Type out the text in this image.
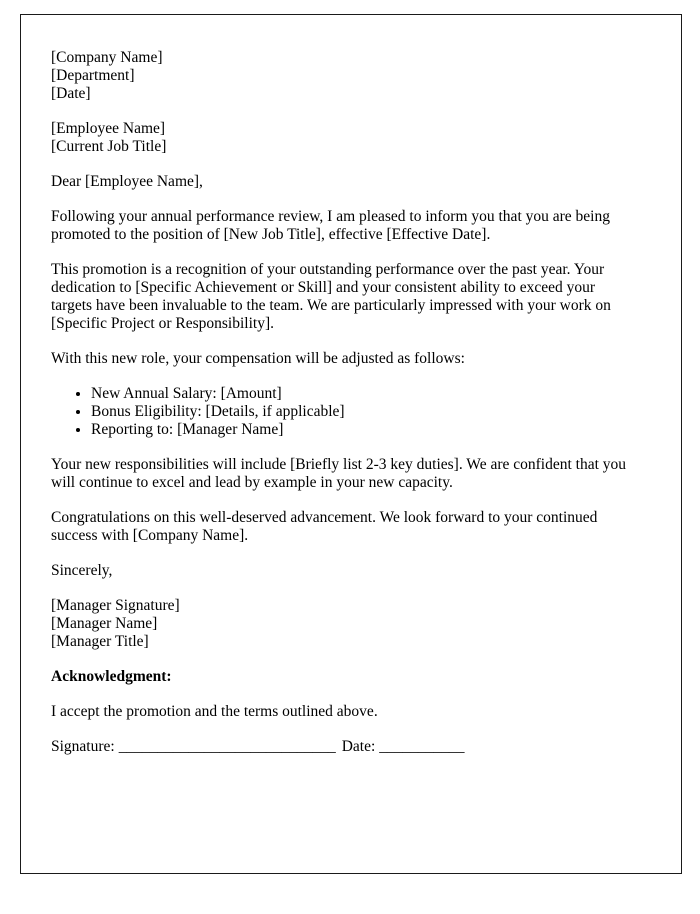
[Company Name]
[Department]
[Date]
[Employee Name]
[Current Job Title]

Dear [Employee Name],

Following your annual performance review, I am pleased to inform you that you are being promoted to the position of [New Job Title], effective [Effective Date].

This promotion is a recognition of your outstanding performance over the past year. Your dedication to [Specific Achievement or Skill] and your consistent ability to exceed your targets have been invaluable to the team. We are particularly impressed with your work on [Specific Project or Responsibility].

With this new role, your compensation will be adjusted as follows:

• New Annual Salary: [Amount]
• Bonus Eligibility: [Details, if applicable]
• Reporting to: [Manager Name]

Your new responsibilities will include [Briefly list 2-3 key duties]. We are confident that you will continue to excel and lead by example in your new capacity.

Congratulations on this well-deserved advancement. We look forward to your continued success with [Company Name].

Sincerely,

[Manager Signature]
[Manager Name]
[Manager Title]

Acknowledgment:

I accept the promotion and the terms outlined above.

Signature: ____________________________ Date: ___________
